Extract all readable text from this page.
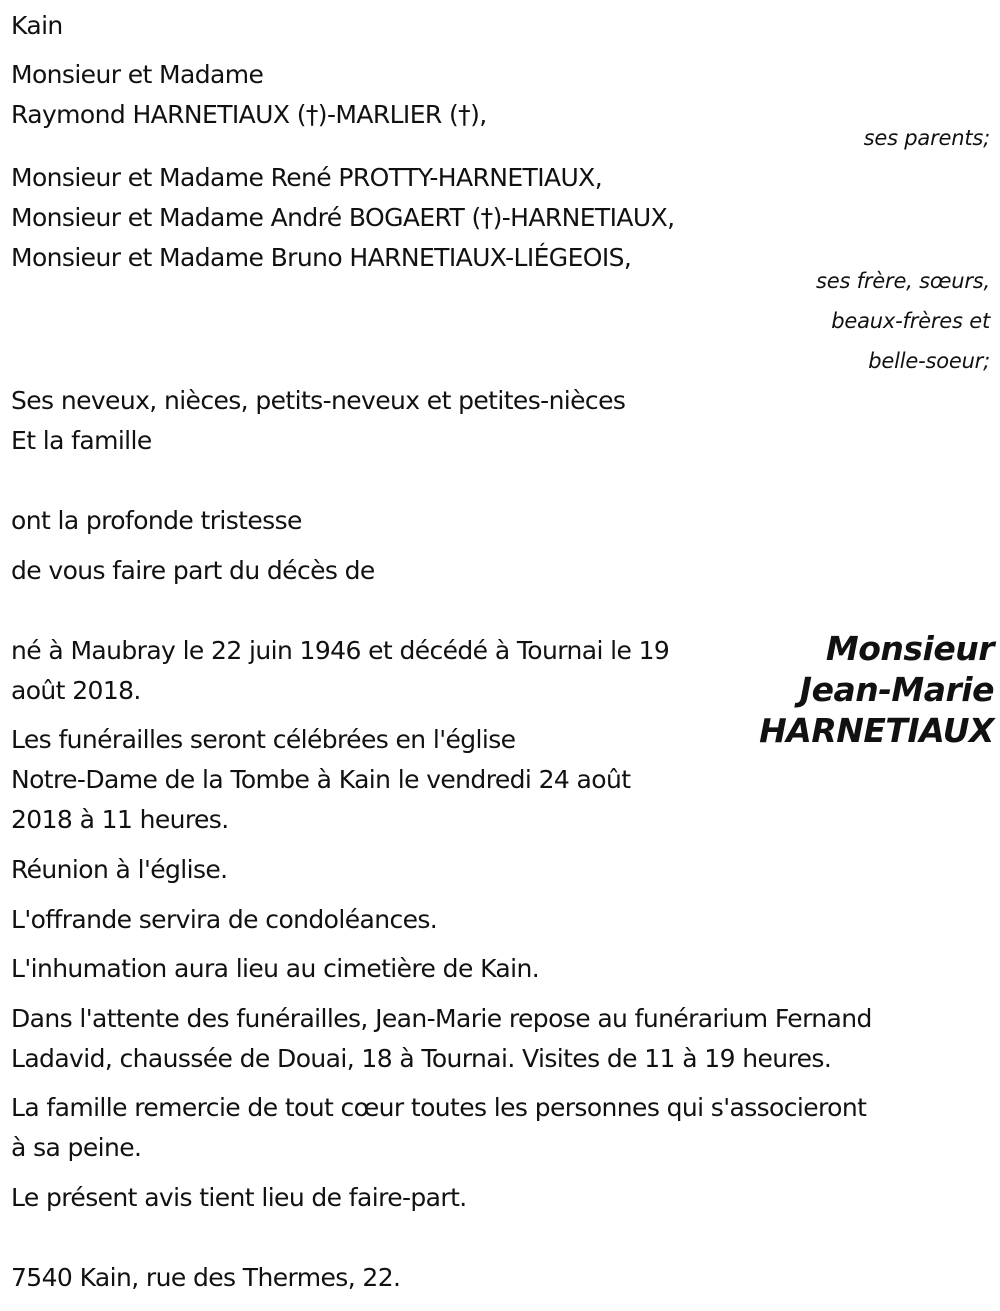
Kain
Monsieur et Madame
Raymond HARNETIAUX (†)-MARLIER (†),
ses parents;
Monsieur et Madame René PROTTY-HARNETIAUX,
Monsieur et Madame André BOGAERT (†)-HARNETIAUX,
Monsieur et Madame Bruno HARNETIAUX-LIÉGEOIS,
ses frère, sœurs,
beaux-frères et
belle-soeur;
Ses neveux, nièces, petits-neveux et petites-nièces
Et la famille
ont la profonde tristesse
de vous faire part du décès de
Monsieur
Jean-Marie
HARNETIAUX
né à Maubray le 22 juin 1946 et décédé à Tournai le 19
août 2018.
Les funérailles seront célébrées en l'église
Notre-Dame de la Tombe à Kain le vendredi 24 août
2018 à 11 heures.
Réunion à l'église.
L'offrande servira de condoléances.
L'inhumation aura lieu au cimetière de Kain.
Dans l'attente des funérailles, Jean-Marie repose au funérarium Fernand
Ladavid, chaussée de Douai, 18 à Tournai. Visites de 11 à 19 heures.
La famille remercie de tout cœur toutes les personnes qui s'associeront
à sa peine.
Le présent avis tient lieu de faire-part.
7540 Kain, rue des Thermes, 22.
